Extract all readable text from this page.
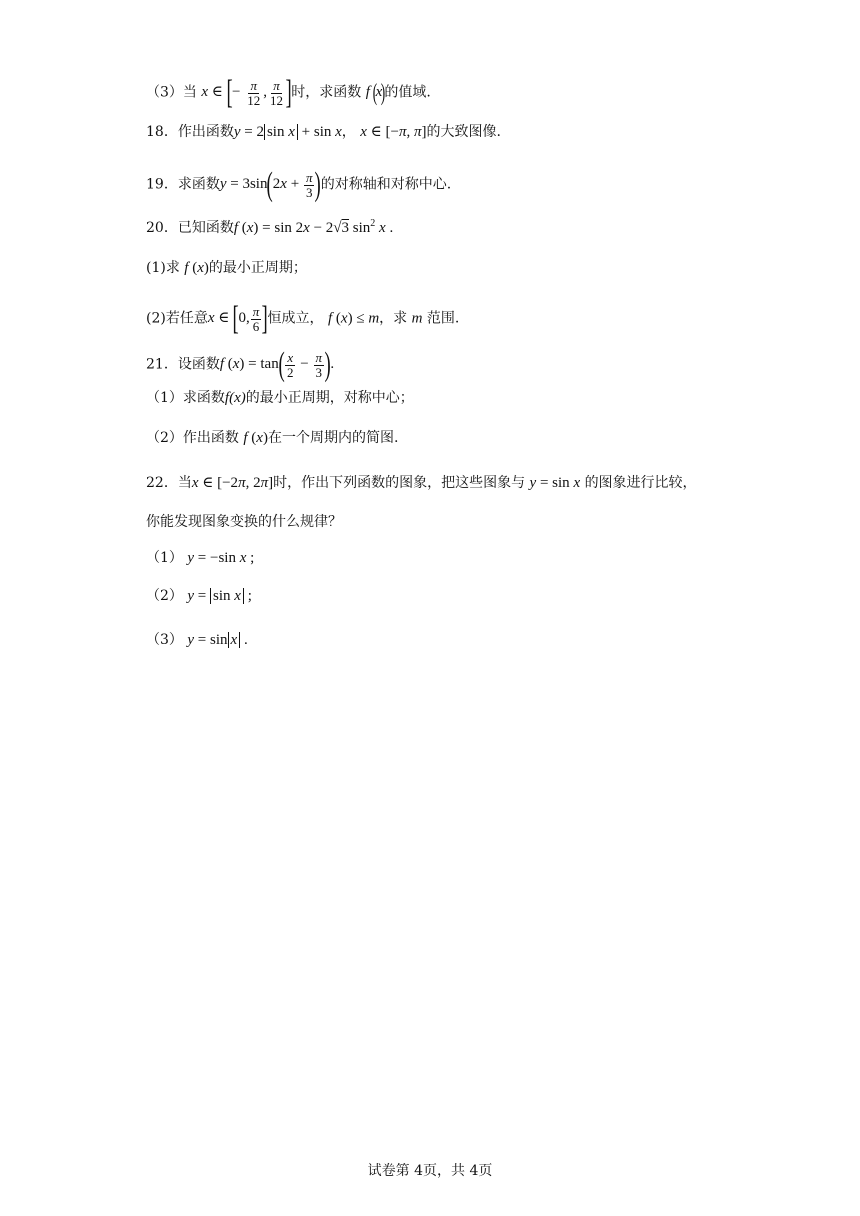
（3）当 x ∈ [− $\frac{\pi}{12}$ , $\frac{\pi}{12}$ ]时，求函数 f (x)的值域.
18．作出函数y = 2 sin x + sin x， x ∈ [−π, π]的大致图像.
19．求函数$y = 3\sin(2x + \frac{\pi}{3}$ )的对称轴和对称中心.
20．已知函数f (x) = sin 2x − 2√3 $\sin^2 x$ .
(1)求 f (x)的最小正周期；
(2)若任意x ∈ [0, $\frac{\pi}{6}$ ]恒成立， f (x) ≤ m，求 m 范围.
21．设函数f $(x) = \tan( \frac{x}{2} - \frac{\pi}{3}$ ).
（1）求函数f(x)的最小正周期，对称中心；
（2）作出函数 f (x)在一个周期内的简图.
22．当x ∈ [−2π, 2π]时，作出下列函数的图象，把这些图象与 y = sin x 的图象进行比较，
你能发现图象变换的什么规律？
（1） y = −sin x ;
（2） y = sin x ;
（3） y = sin x .
试卷第 4页，共 4页
